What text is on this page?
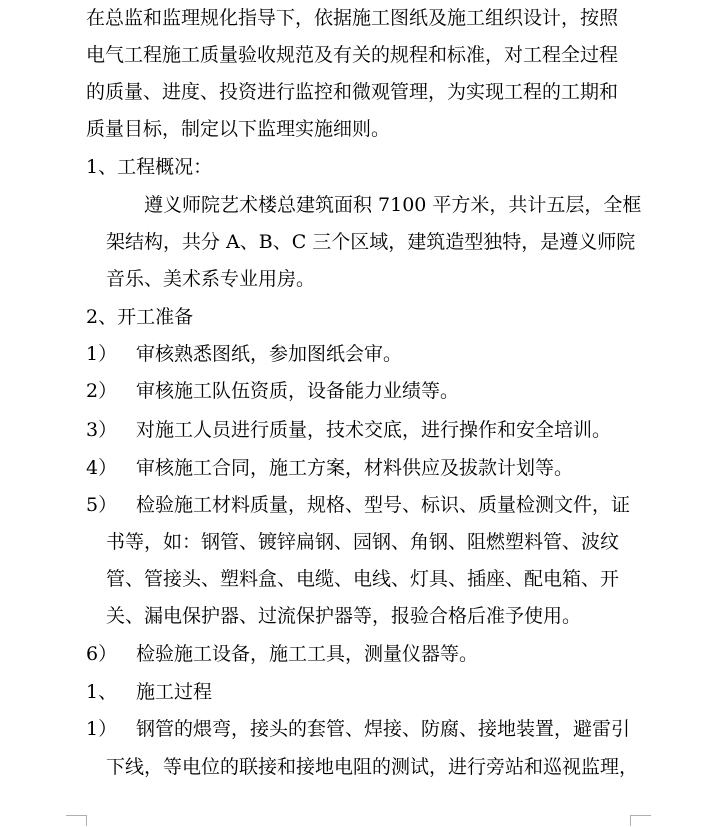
在总监和监理规化指导下，依据施工图纸及施工组织设计，按照
电气工程施工质量验收规范及有关的规程和标准，对工程全过程
的质量、进度、投资进行监控和微观管理，为实现工程的工期和
质量目标，制定以下监理实施细则。
1、工程概况：
遵义师院艺术楼总建筑面积 7100 平方米，共计五层，全框
架结构，共分 A、B、C 三个区域，建筑造型独特，是遵义师院
音乐、美术系专业用房。
2、开工准备
1） 审核熟悉图纸，参加图纸会审。
2） 审核施工队伍资质，设备能力业绩等。
3） 对施工人员进行质量，技术交底，进行操作和安全培训。
4） 审核施工合同，施工方案，材料供应及拔款计划等。
5） 检验施工材料质量，规格、型号、标识、质量检测文件，证
书等，如：钢管、镀锌扁钢、园钢、角钢、阻燃塑料管、波纹
管、管接头、塑料盒、电缆、电线、灯具、插座、配电箱、开
关、漏电保护器、过流保护器等，报验合格后准予使用。
6） 检验施工设备，施工工具，测量仪器等。
1、 施工过程
1） 钢管的煨弯，接头的套管、焊接、防腐、接地装置，避雷引
下线，等电位的联接和接地电阻的测试，进行旁站和巡视监理，
